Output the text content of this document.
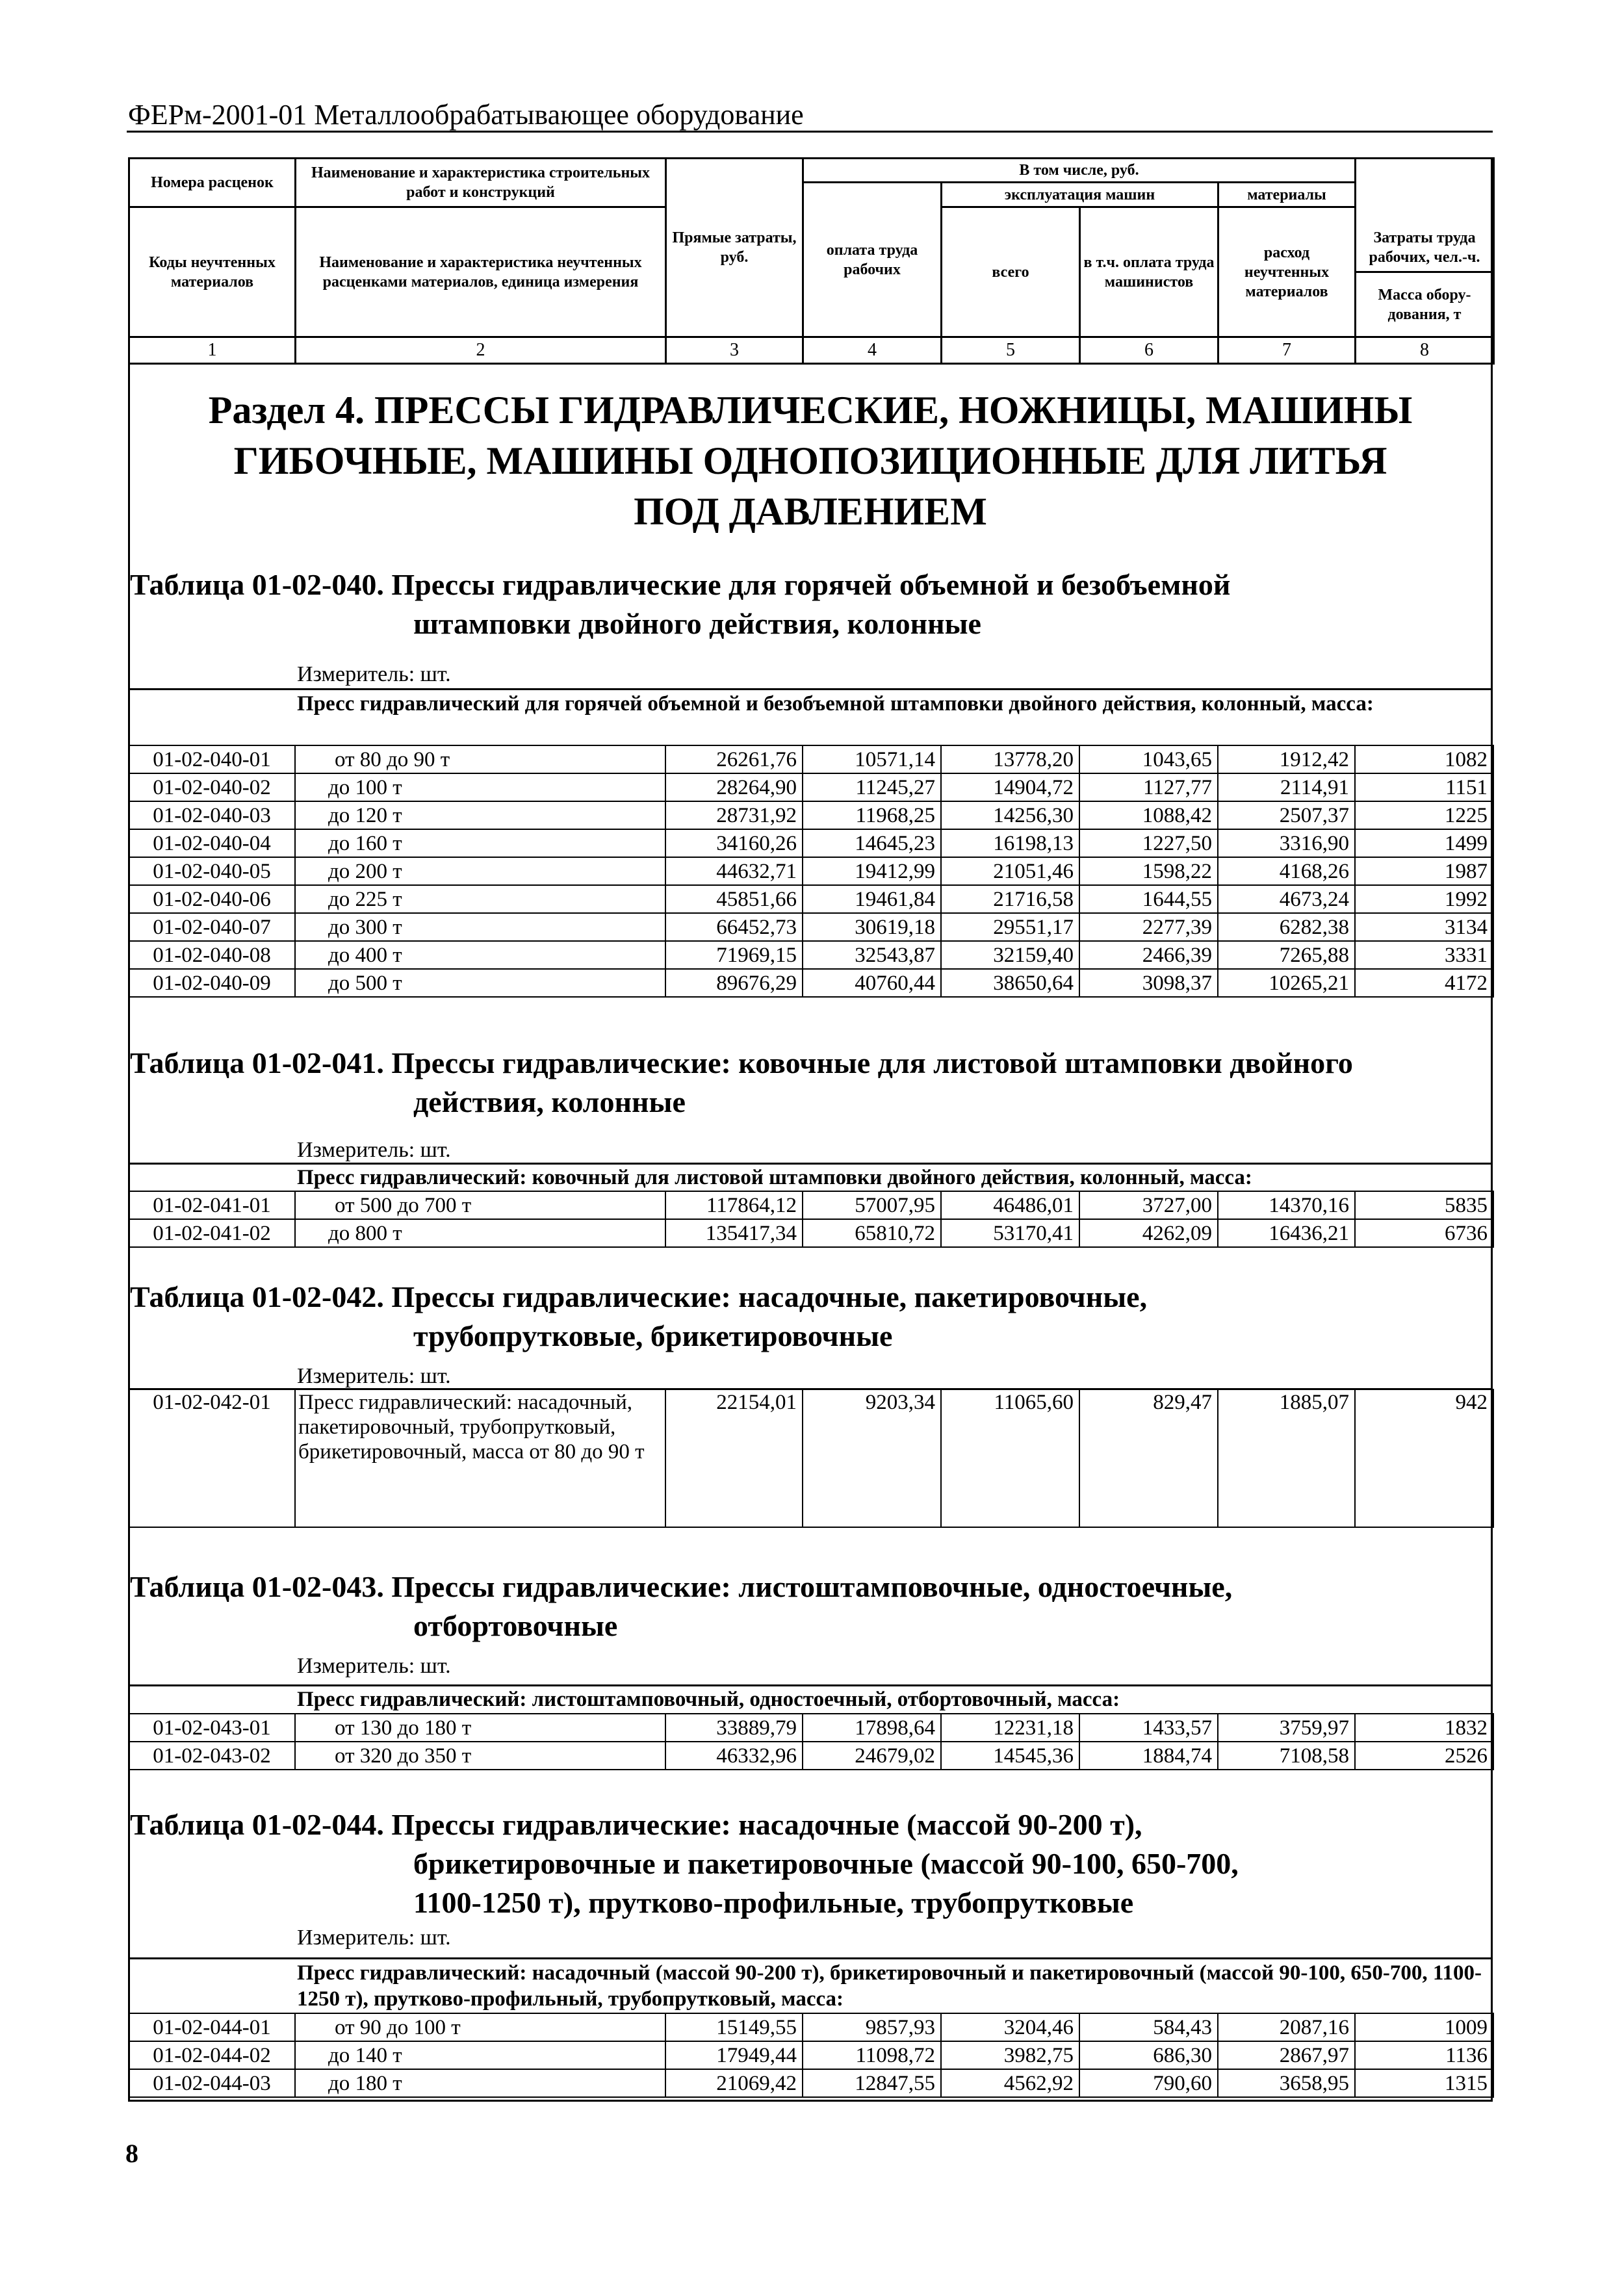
ФЕРм-2001-01 Металлообрабатывающее оборудование
Номера расценок	Наименование и характеристика строительных работ и конструкций	Прямые затраты, руб.	В том числе, руб.				Затраты труда рабочих, чел.-ч.
			оплата труда рабочих	эксплуатация машин		материалы	
Коды неучтенных материалов	Наименование и характеристика неучтенных расценками материалов, единица измерения			всего	в т.ч. оплата труда машинистов	расход неучтенных материалов	
							Масса обору-дования, т
1	2	3	4	5	6	7	8
Раздел 4. ПРЕССЫ ГИДРАВЛИЧЕСКИЕ, НОЖНИЦЫ, МАШИНЫ ГИБОЧНЫЕ, МАШИНЫ ОДНОПОЗИЦИОННЫЕ ДЛЯ ЛИТЬЯ ПОД ДАВЛЕНИЕМ
Таблица 01-02-040. Прессы гидравлические для горячей объемной и безобъемной
штамповки двойного действия, колонные
Измеритель: шт.
Пресс гидравлический для горячей объемной и безобъемной штамповки двойного действия, колонный, масса:
01-02-040-01	от 80 до 90 т	26261,76	10571,14	13778,20	1043,65	1912,42	1082
01-02-040-02	до 100 т	28264,90	11245,27	14904,72	1127,77	2114,91	1151
01-02-040-03	до 120 т	28731,92	11968,25	14256,30	1088,42	2507,37	1225
01-02-040-04	до 160 т	34160,26	14645,23	16198,13	1227,50	3316,90	1499
01-02-040-05	до 200 т	44632,71	19412,99	21051,46	1598,22	4168,26	1987
01-02-040-06	до 225 т	45851,66	19461,84	21716,58	1644,55	4673,24	1992
01-02-040-07	до 300 т	66452,73	30619,18	29551,17	2277,39	6282,38	3134
01-02-040-08	до 400 т	71969,15	32543,87	32159,40	2466,39	7265,88	3331
01-02-040-09	до 500 т	89676,29	40760,44	38650,64	3098,37	10265,21	4172
Таблица 01-02-041. Прессы гидравлические: ковочные для листовой штамповки двойного
действия, колонные
Измеритель: шт.
Пресс гидравлический: ковочный для листовой штамповки двойного действия, колонный, масса:
01-02-041-01	от 500 до 700 т	117864,12	57007,95	46486,01	3727,00	14370,16	5835
01-02-041-02	до 800 т	135417,34	65810,72	53170,41	4262,09	16436,21	6736
Таблица 01-02-042. Прессы гидравлические: насадочные, пакетировочные,
трубопрутковые, брикетировочные
Измеритель: шт.
01-02-042-01	Пресс гидравлический: насадочный, пакетировочный, трубопрутковый, брикетировочный, масса от 80 до 90 т	22154,01	9203,34	11065,60	829,47	1885,07	942
Таблица 01-02-043. Прессы гидравлические: листоштамповочные, одностоечные,
отбортовочные
Измеритель: шт.
Пресс гидравлический: листоштамповочный, одностоечный, отбортовочный, масса:
01-02-043-01	от 130 до 180 т	33889,79	17898,64	12231,18	1433,57	3759,97	1832
01-02-043-02	от 320 до 350 т	46332,96	24679,02	14545,36	1884,74	7108,58	2526
Таблица 01-02-044. Прессы гидравлические: насадочные (массой 90-200 т),
брикетировочные и пакетировочные (массой 90-100, 650-700,
1100-1250 т), прутково-профильные, трубопрутковые
Измеритель: шт.
Пресс гидравлический: насадочный (массой 90-200 т), брикетировочный и пакетировочный (массой 90-100, 650-700, 1100-1250 т), прутково-профильный, трубопрутковый, масса:
01-02-044-01	от 90 до 100 т	15149,55	9857,93	3204,46	584,43	2087,16	1009
01-02-044-02	до 140 т	17949,44	11098,72	3982,75	686,30	2867,97	1136
01-02-044-03	до 180 т	21069,42	12847,55	4562,92	790,60	3658,95	1315
8
